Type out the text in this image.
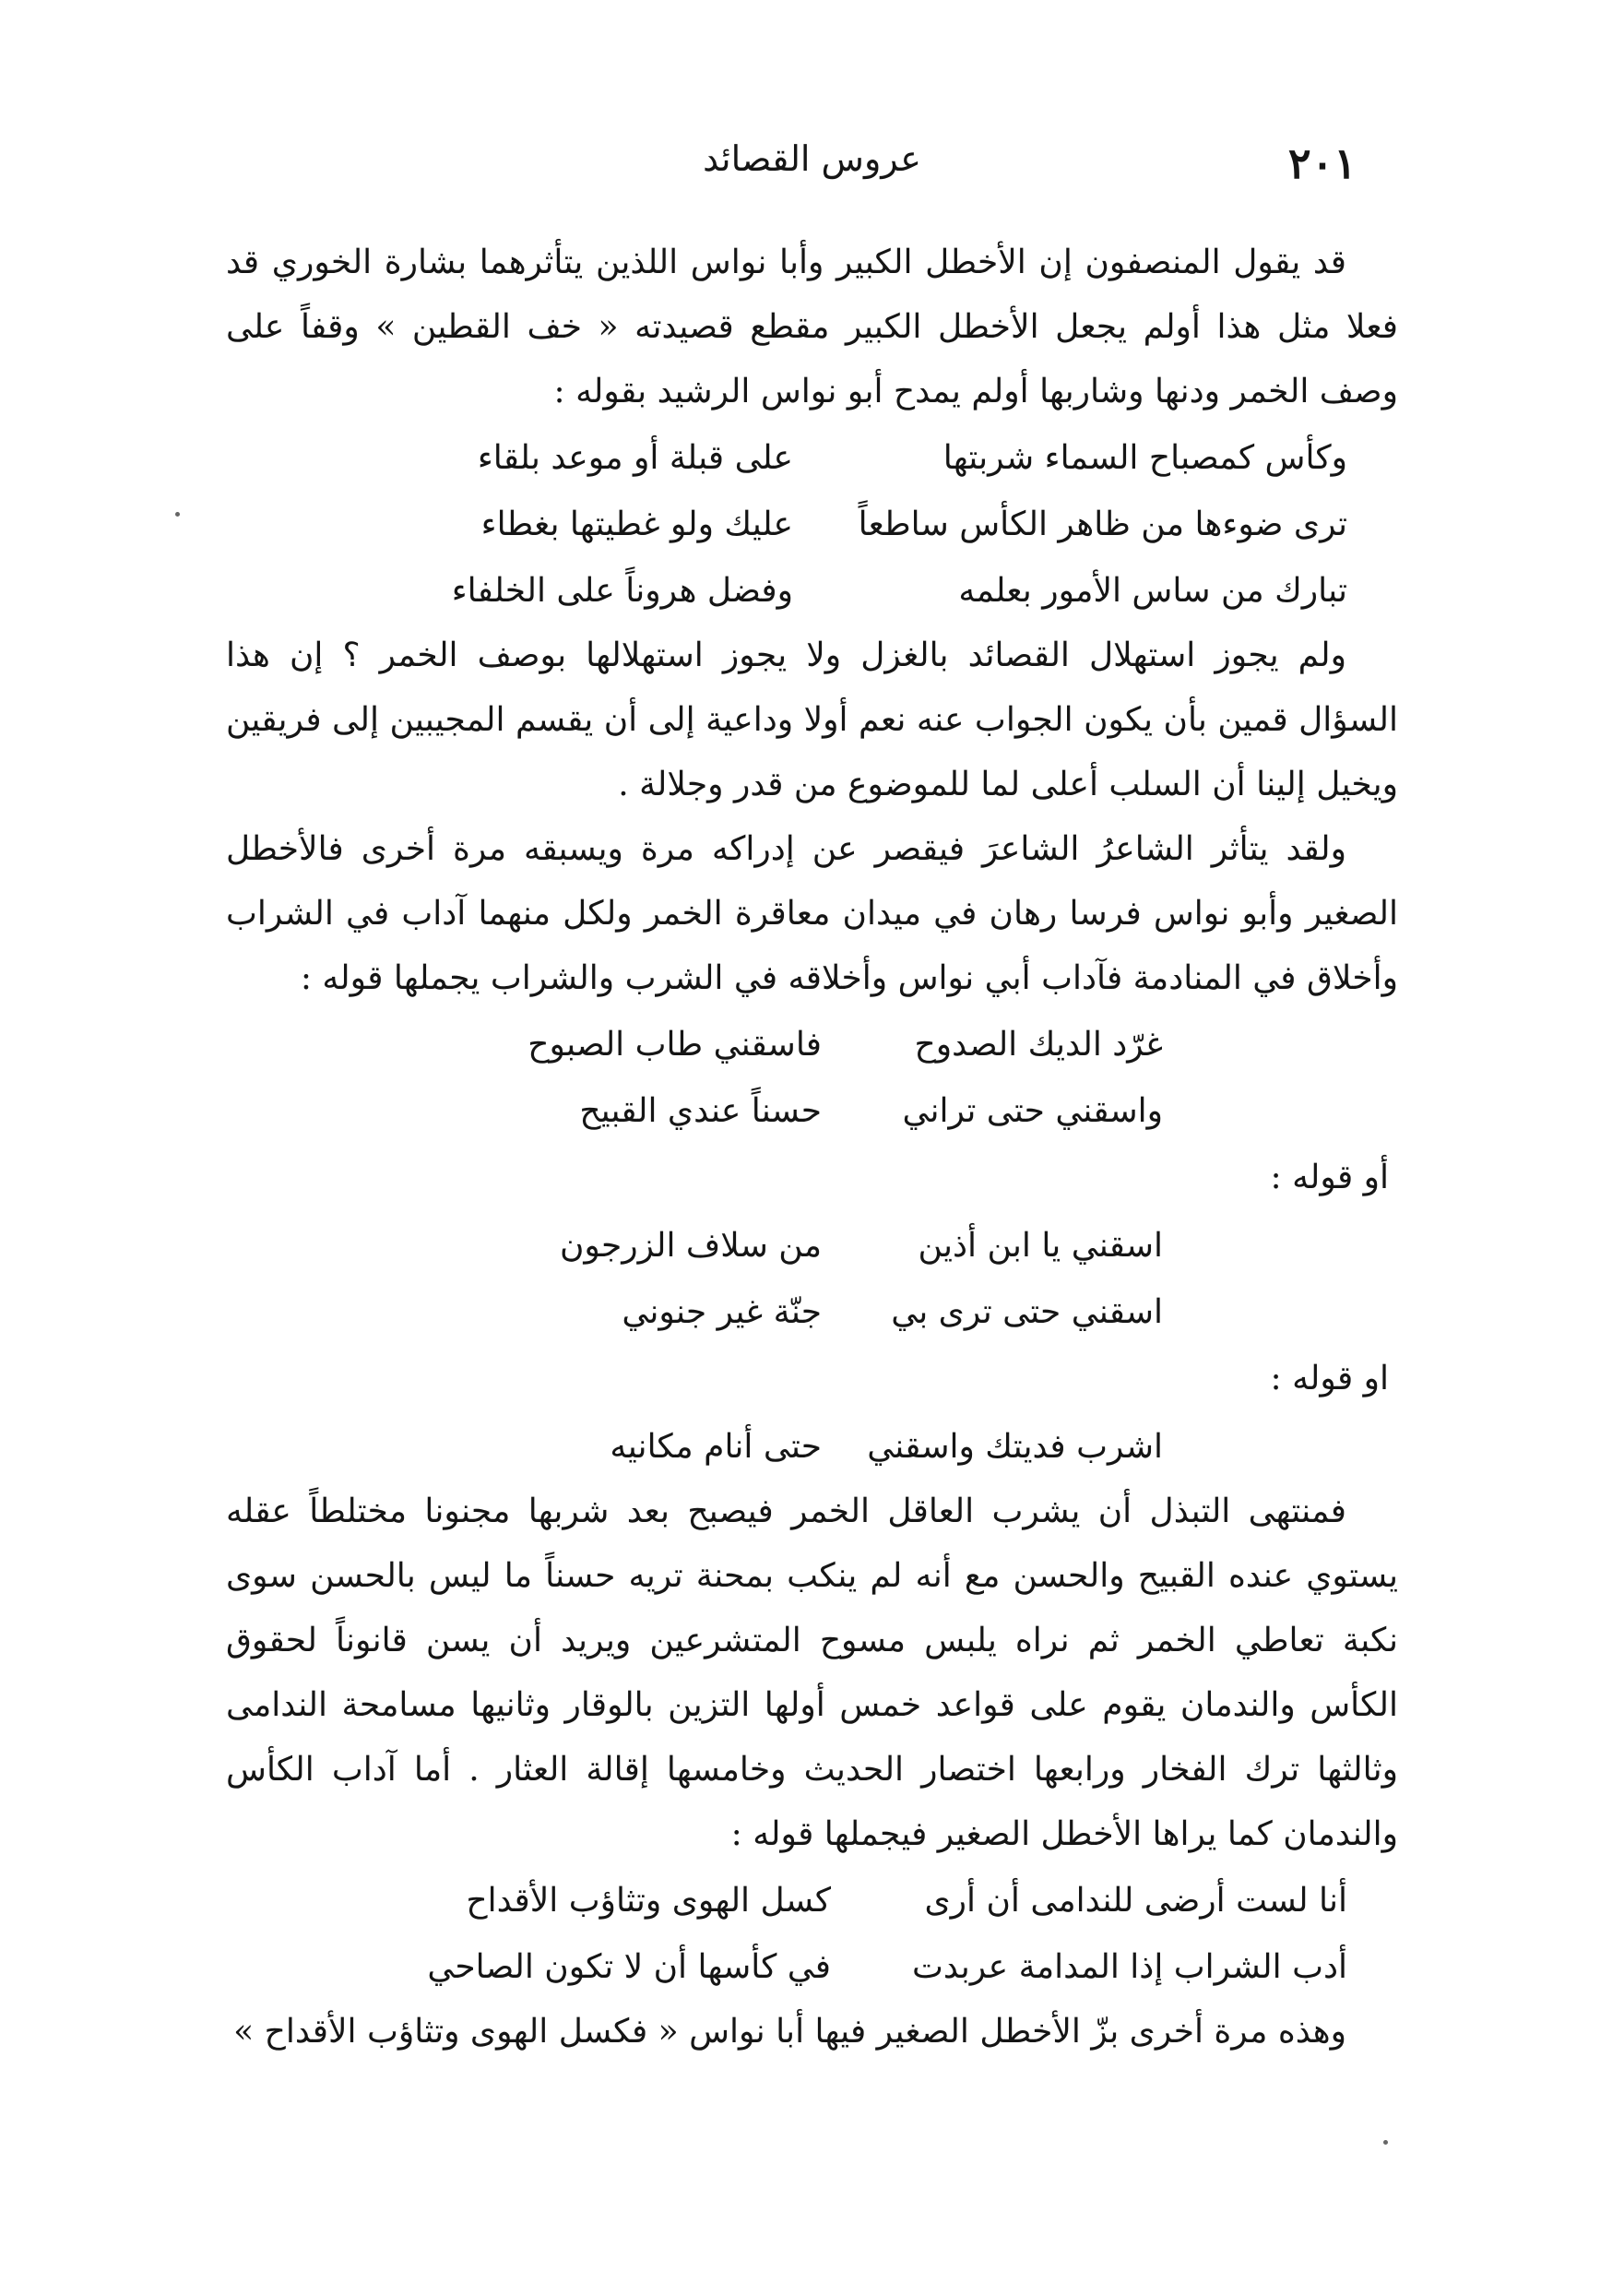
٢٠١
عروس القصائد

قد يقول المنصفون إن الأخطل الكبير وأبا نواس اللذين يتأثرهما بشارة الخوري قد فعلا مثل هذا أولم يجعل الأخطل الكبير مقطع قصيدته « خف القطين » وقفاً على وصف الخمر ودنها وشاربها أولم يمدح أبو نواس الرشيد بقوله :

وكأس كمصباح السماء شربتها
على قبلة أو موعد بلقاء
ترى ضوءها من ظاهر الكأس ساطعاً
عليك ولو غطيتها بغطاء
تبارك من ساس الأمور بعلمه
وفضل هروناً على الخلفاء

ولم يجوز استهلال القصائد بالغزل ولا يجوز استهلالها بوصف الخمر ؟ إن هذا السؤال قمين بأن يكون الجواب عنه نعم أولا وداعية إلى أن يقسم المجيبين إلى فريقين ويخيل إلينا أن السلب أعلى لما للموضوع من قدر وجلالة .

ولقد يتأثر الشاعرُ الشاعرَ فيقصر عن إدراكه مرة ويسبقه مرة أخرى فالأخطل الصغير وأبو نواس فرسا رهان في ميدان معاقرة الخمر ولكل منهما آداب في الشراب وأخلاق في المنادمة فآداب أبي نواس وأخلاقه في الشرب والشراب يجملها قوله :

غرّد الديك الصدوح
فاسقني طاب الصبوح
واسقني حتى تراني
حسناً عندي القبيح

أو قوله :

اسقني يا ابن أذين
من سلاف الزرجون
اسقني حتى ترى بي
جنّة غير جنوني

او قوله :

اشرب فديتك واسقني
حتى أنام مكانيه

فمنتهى التبذل أن يشرب العاقل الخمر فيصبح بعد شربها مجنونا مختلطاً عقله يستوي عنده القبيح والحسن مع أنه لم ينكب بمحنة تريه حسناً ما ليس بالحسن سوى نكبة تعاطي الخمر ثم نراه يلبس مسوح المتشرعين ويريد أن يسن قانوناً لحقوق الكأس والندمان يقوم على قواعد خمس أولها التزين بالوقار وثانيها مسامحة الندامى وثالثها ترك الفخار ورابعها اختصار الحديث وخامسها إقالة العثار . أما آداب الكأس والندمان كما يراها الأخطل الصغير فيجملها قوله :

أنا لست أرضى للندامى أن أرى
كسل الهوى وتثاؤب الأقداح
أدب الشراب إذا المدامة عربدت
في كأسها أن لا تكون الصاحي

وهذه مرة أخرى بزّ الأخطل الصغير فيها أبا نواس « فكسل الهوى وتثاؤب الأقداح »
